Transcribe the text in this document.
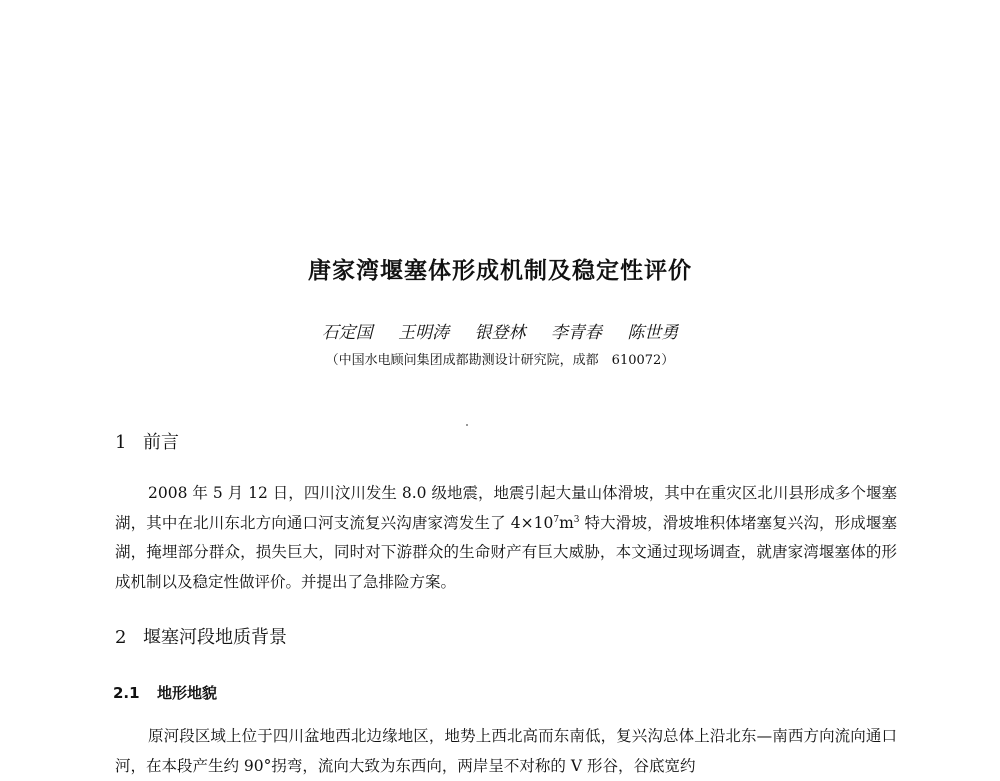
唐家湾堰塞体形成机制及稳定性评价
石定国 王明涛 银登林 李青春 陈世勇
（中国水电顾问集团成都勘测设计研究院，成都　610072）
1 前言
2008 年 5 月 12 日，四川汶川发生 8.0 级地震，地震引起大量山体滑坡，其中在重灾区北川县形成多个堰塞湖，其中在北川东北方向通口河支流复兴沟唐家湾发生了 $4\times 10^7m^3$ 特大滑坡，滑坡堆积体堵塞复兴沟，形成堰塞湖，掩埋部分群众，损失巨大，同时对下游群众的生命财产有巨大威胁，本文通过现场调查，就唐家湾堰塞体的形成机制以及稳定性做评价。并提出了急排险方案。
2 堰塞河段地质背景
2.1 地形地貌
原河段区域上位于四川盆地西北边缘地区，地势上西北高而东南低，复兴沟总体上沿北东—南西方向流向通口河，在本段产生约 90°拐弯，流向大致为东西向，两岸呈不对称的 V 形谷，谷底宽约
